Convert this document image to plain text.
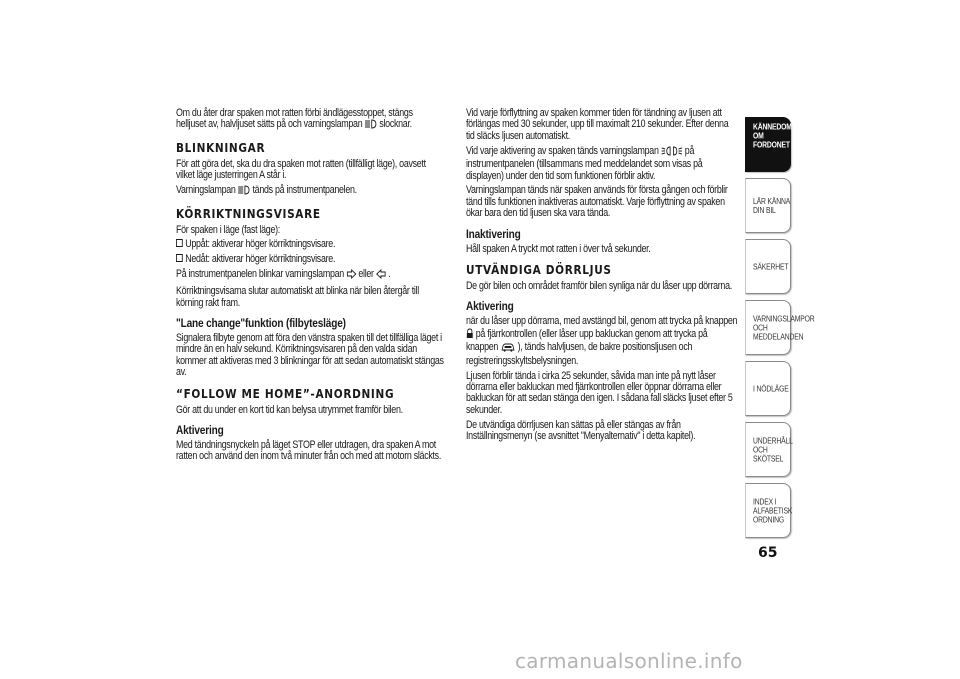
Om du åter drar spaken mot ratten förbi ändlägesstoppet, stängs helljuset av, halvljuset sätts på och varningslampan slocknar.

BLINKNINGAR

För att göra det, ska du dra spaken mot ratten (tillfälligt läge), oavsett vilket läge justerringen A står i.

Varningslampan tänds på instrumentpanelen.

KÖRRIKTNINGSVISARE

För spaken i läge (fast läge):

Uppåt: aktiverar höger körriktningsvisare.

Nedåt: aktiverar höger körriktningsvisare.

På instrumentpanelen blinkar varningslampan eller .

Körriktningsvisarna slutar automatiskt att blinka när bilen återgår till körning rakt fram.

"Lane change"funktion (filbytesläge)

Signalera filbyte genom att föra den vänstra spaken till det tillfälliga läget i mindre än en halv sekund. Körriktningsvisaren på den valda sidan kommer att aktiveras med 3 blinkningar för att sedan automatiskt stängas av.

“FOLLOW ME HOME”-ANORDNING

Gör att du under en kort tid kan belysa utrymmet framför bilen.

Aktivering

Med tändningsnyckeln på läget STOP eller utdragen, dra spaken A mot ratten och använd den inom två minuter från och med att motorn släckts.

Vid varje förflyttning av spaken kommer tiden för tändning av ljusen att förlängas med 30 sekunder, upp till maximalt 210 sekunder. Efter denna tid släcks ljusen automatiskt.

Vid varje aktivering av spaken tänds varningslampan på instrumentpanelen (tillsammans med meddelandet som visas på displayen) under den tid som funktionen förblir aktiv.

Varningslampan tänds när spaken används för första gången och förblir tänd tills funktionen inaktiveras automatiskt. Varje förflyttning av spaken ökar bara den tid ljusen ska vara tända.

Inaktivering

Håll spaken A tryckt mot ratten i över två sekunder.

UTVÄNDIGA DÖRRLJUS

De gör bilen och området framför bilen synliga när du låser upp dörrarna.

Aktivering

när du låser upp dörrarna, med avstängd bil, genom att trycka på knappen  på fjärrkontrollen (eller låser upp bakluckan genom att trycka på knappen ), tänds halvljusen, de bakre positionsljusen och registreringsskyltsbelysningen.

Ljusen förblir tända i cirka 25 sekunder, såvida man inte på nytt låser dörrarna eller bakluckan med fjärrkontrollen eller öppnar dörrarna eller bakluckan för att sedan stänga den igen. I sådana fall släcks ljuset efter 5 sekunder.

De utvändiga dörrljusen kan sättas på eller stängas av från Inställningsmenyn (se avsnittet "Menyalternativ" i detta kapitel).

KÄNNEDOM OM FORDONET
LÄR KÄNNA DIN BIL
SÄKERHET
VARNINGSLAMPOR OCH MEDDELANDEN
I NÖDLÄGE
UNDERHÅLL OCH SKÖTSEL
INDEX I ALFABETISK ORDNING
65
carmanualsonline.info
